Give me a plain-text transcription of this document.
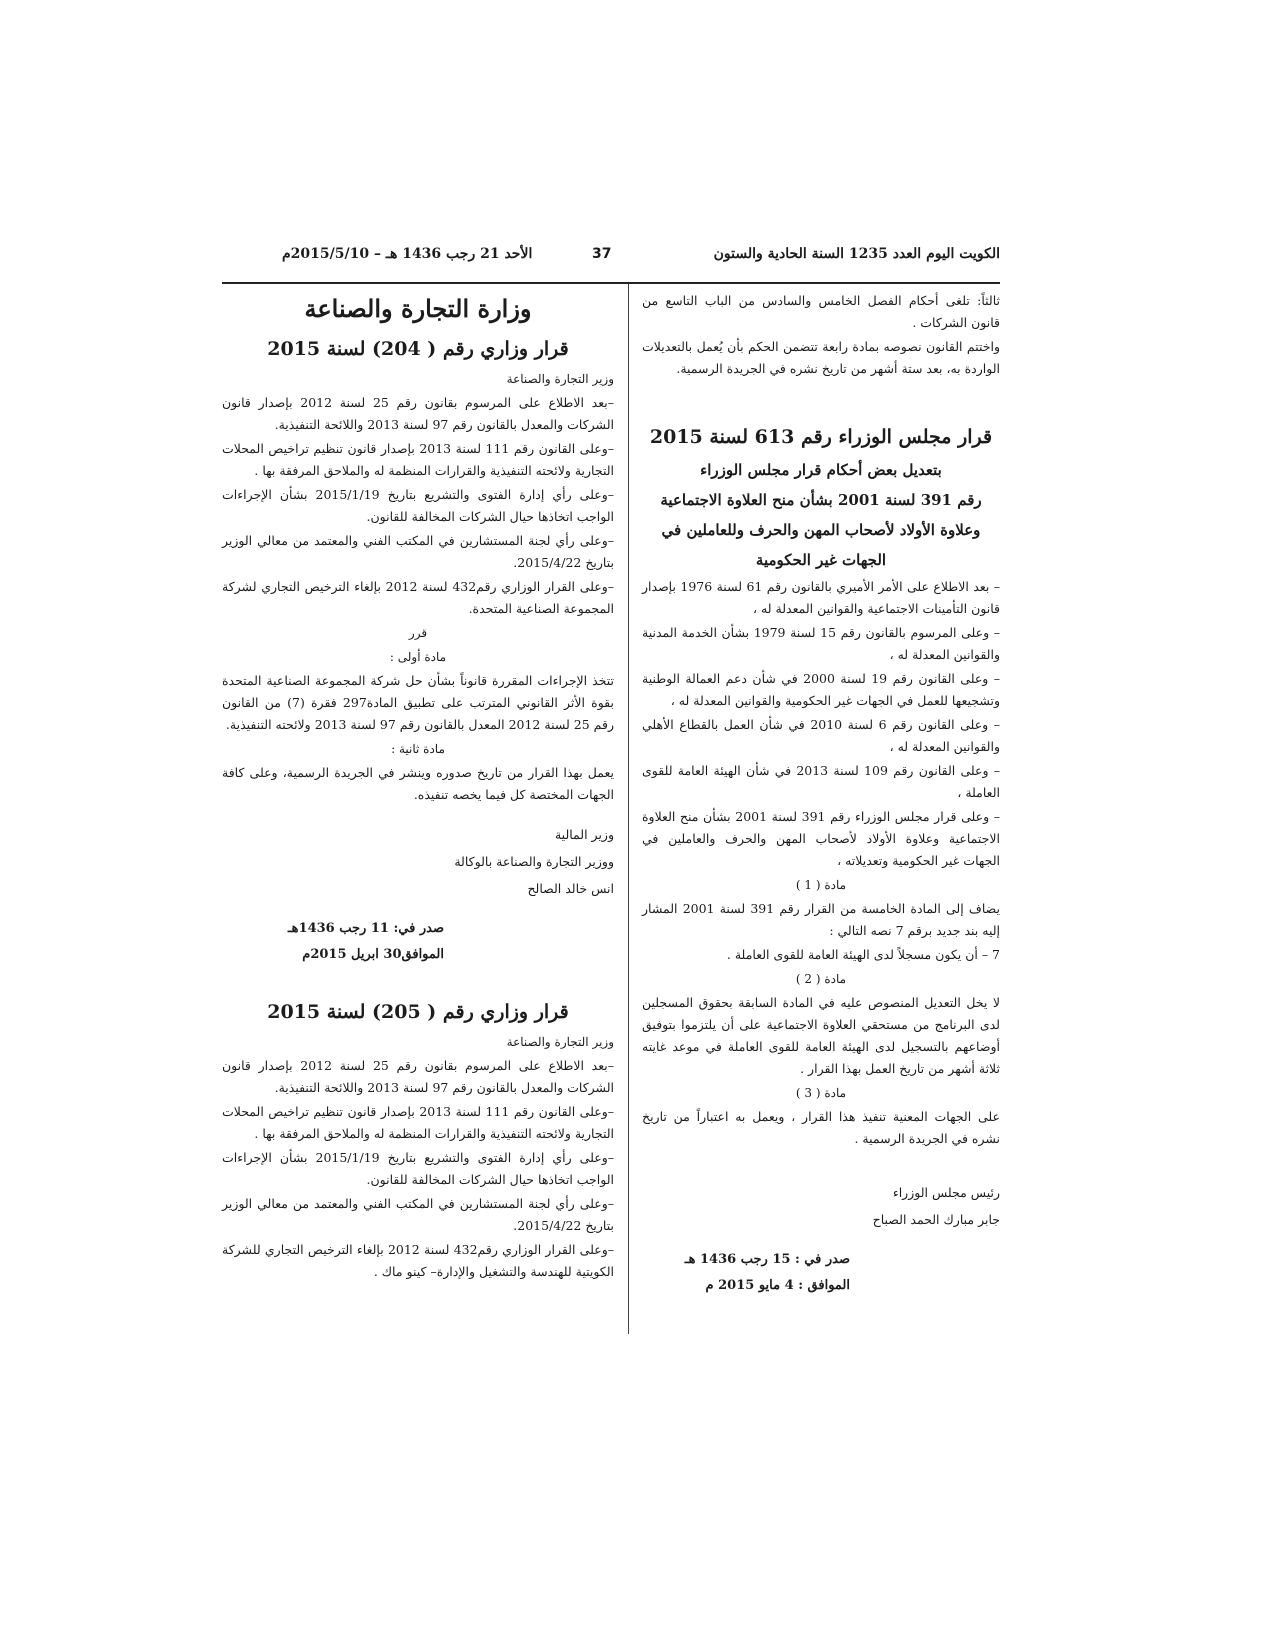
الكويت اليوم العدد 1235 السنة الحادية والستون
37
الأحد 21 رجب 1436 هـ – 2015/5/10م

ثالثاً: تلغى أحكام الفصل الخامس والسادس من الباب التاسع من قانون الشركات .

واختتم القانون نصوصه بمادة رابعة تتضمن الحكم بأن يُعمل بالتعديلات الواردة به، بعد ستة أشهر من تاريخ نشره في الجريدة الرسمية.

قرار مجلس الوزراء رقم 613 لسنة 2015

بتعديل بعض أحكام قرار مجلس الوزراء

رقم 391 لسنة 2001 بشأن منح العلاوة الاجتماعية

وعلاوة الأولاد لأصحاب المهن والحرف وللعاملين في

الجهات غير الحكومية

– بعد الاطلاع على الأمر الأميري بالقانون رقم 61 لسنة 1976 بإصدار قانون التأمينات الاجتماعية والقوانين المعدلة له ،

– وعلى المرسوم بالقانون رقم 15 لسنة 1979 بشأن الخدمة المدنية والقوانين المعدلة له ،

– وعلى القانون رقم 19 لسنة 2000 في شأن دعم العمالة الوطنية وتشجيعها للعمل في الجهات غير الحكومية والقوانين المعدلة له ،

– وعلى القانون رقم 6 لسنة 2010 في شأن العمل بالقطاع الأهلي والقوانين المعدلة له ،

– وعلى القانون رقم 109 لسنة 2013 في شأن الهيئة العامة للقوى العاملة ،

– وعلى قرار مجلس الوزراء رقم 391 لسنة 2001 بشأن منح العلاوة الاجتماعية وعلاوة الأولاد لأصحاب المهن والحرف والعاملين في الجهات غير الحكومية وتعديلاته ،

مادة ( 1 )

يضاف إلى المادة الخامسة من القرار رقم 391 لسنة 2001 المشار إليه بند جديد برقم 7 نصه التالي :

7 – أن يكون مسجلاً لدى الهيئة العامة للقوى العاملة .

مادة ( 2 )

لا يخل التعديل المنصوص عليه في المادة السابقة بحقوق المسجلين لدى البرنامج من مستحقي العلاوة الاجتماعية على أن يلتزموا بتوفيق أوضاعهم بالتسجيل لدى الهيئة العامة للقوى العاملة في موعد غايته ثلاثة أشهر من تاريخ العمل بهذا القرار .

مادة ( 3 )

على الجهات المعنية تنفيذ هذا القرار ، ويعمل به اعتباراً من تاريخ نشره في الجريدة الرسمية .

رئيس مجلس الوزراء

جابر مبارك الحمد الصباح

صدر في : 15 رجب 1436 هـ

الموافق : 4 مايو 2015 م

وزارة التجارة والصناعة
قرار وزاري رقم ( 204) لسنة 2015

وزير التجارة والصناعة

–بعد الاطلاع على المرسوم بقانون رقم 25 لسنة 2012 بإصدار قانون الشركات والمعدل بالقانون رقم 97 لسنة 2013 واللائحة التنفيذية.

–وعلى القانون رقم 111 لسنة 2013 بإصدار قانون تنظيم تراخيص المحلات التجارية ولائحته التنفيذية والقرارات المنظمة له والملاحق المرفقة بها .

–وعلى رأي إدارة الفتوى والتشريع بتاريخ 2015/1/19 بشأن الإجراءات الواجب اتخاذها حيال الشركات المخالفة للقانون.

–وعلى رأي لجنة المستشارين في المكتب الفني والمعتمد من معالي الوزير بتاريخ 2015/4/22.

–وعلى القرار الوزاري رقم432 لسنة 2012 بإلغاء الترخيص التجاري لشركة المجموعة الصناعية المتحدة.

قرر

مادة أولى :

تتخذ الإجراءات المقررة قانوناً بشأن حل شركة المجموعة الصناعية المتحدة بقوة الأثر القانوني المترتب على تطبيق المادة297 فقرة (7) من القانون رقم 25 لسنة 2012 المعدل بالقانون رقم 97 لسنة 2013 ولائحته التنفيذية.

مادة ثانية :

يعمل بهذا القرار من تاريخ صدوره وينشر في الجريدة الرسمية، وعلى كافة الجهات المختصة كل فيما يخصه تنفيذه.

وزير المالية

ووزير التجارة والصناعة بالوكالة

انس خالد الصالح

صدر في: 11 رجب 1436هـ

الموافق30 ابريل 2015م

قرار وزاري رقم ( 205) لسنة 2015

وزير التجارة والصناعة

–بعد الاطلاع على المرسوم بقانون رقم 25 لسنة 2012 بإصدار قانون الشركات والمعدل بالقانون رقم 97 لسنة 2013 واللائحة التنفيذية.

–وعلى القانون رقم 111 لسنة 2013 بإصدار قانون تنظيم تراخيص المحلات التجارية ولائحته التنفيذية والقرارات المنظمة له والملاحق المرفقة بها .

–وعلى رأي إدارة الفتوى والتشريع بتاريخ 2015/1/19 بشأن الإجراءات الواجب اتخاذها حيال الشركات المخالفة للقانون.

–وعلى رأي لجنة المستشارين في المكتب الفني والمعتمد من معالي الوزير بتاريخ 2015/4/22.

–وعلى القرار الوزاري رقم432 لسنة 2012 بإلغاء الترخيص التجاري للشركة الكويتية للهندسة والتشغيل والإدارة– كينو ماك .
